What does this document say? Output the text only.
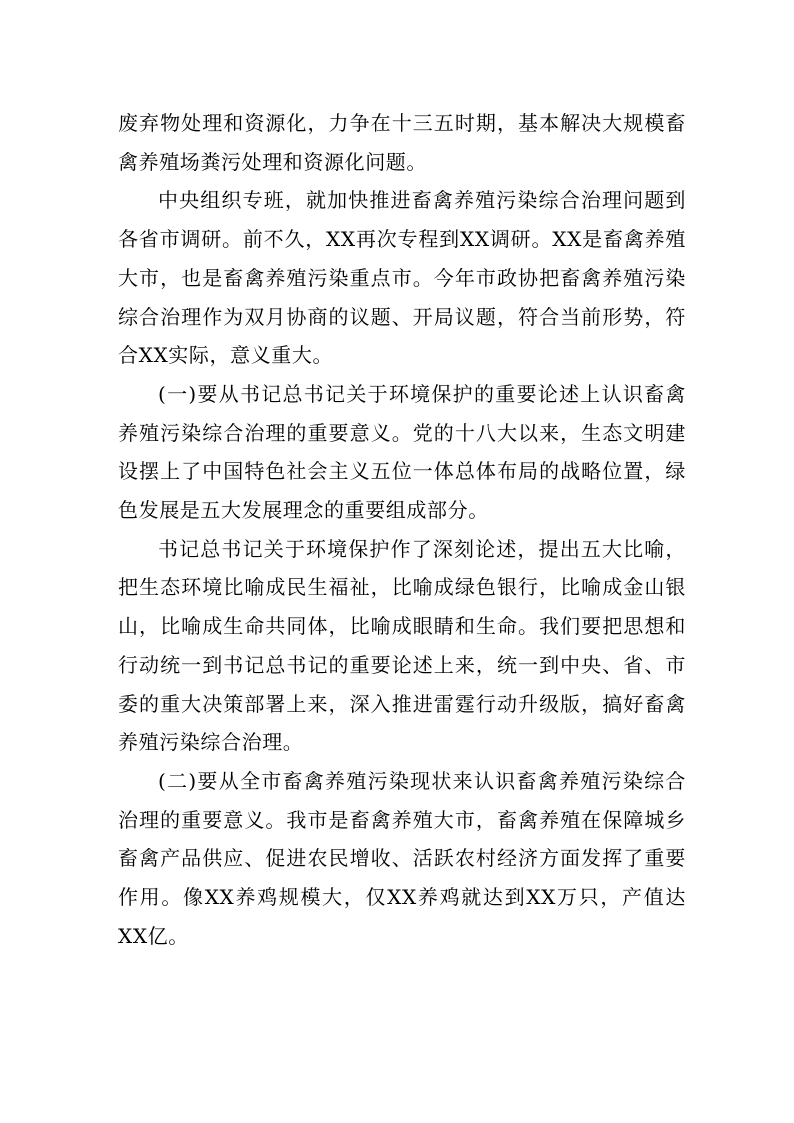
废弃物处理和资源化，力争在十三五时期，基本解决大规模畜禽养殖场粪污处理和资源化问题。

中央组织专班，就加快推进畜禽养殖污染综合治理问题到各省市调研。前不久，XX再次专程到XX调研。XX是畜禽养殖大市，也是畜禽养殖污染重点市。今年市政协把畜禽养殖污染综合治理作为双月协商的议题、开局议题，符合当前形势，符合XX实际，意义重大。

(一)要从书记总书记关于环境保护的重要论述上认识畜禽养殖污染综合治理的重要意义。党的十八大以来，生态文明建设摆上了中国特色社会主义五位一体总体布局的战略位置，绿色发展是五大发展理念的重要组成部分。

书记总书记关于环境保护作了深刻论述，提出五大比喻，把生态环境比喻成民生福祉，比喻成绿色银行，比喻成金山银山，比喻成生命共同体，比喻成眼睛和生命。我们要把思想和行动统一到书记总书记的重要论述上来，统一到中央、省、市委的重大决策部署上来，深入推进雷霆行动升级版，搞好畜禽养殖污染综合治理。

(二)要从全市畜禽养殖污染现状来认识畜禽养殖污染综合治理的重要意义。我市是畜禽养殖大市，畜禽养殖在保障城乡畜禽产品供应、促进农民增收、活跃农村经济方面发挥了重要作用。像XX养鸡规模大，仅XX养鸡就达到XX万只，产值达XX亿。
